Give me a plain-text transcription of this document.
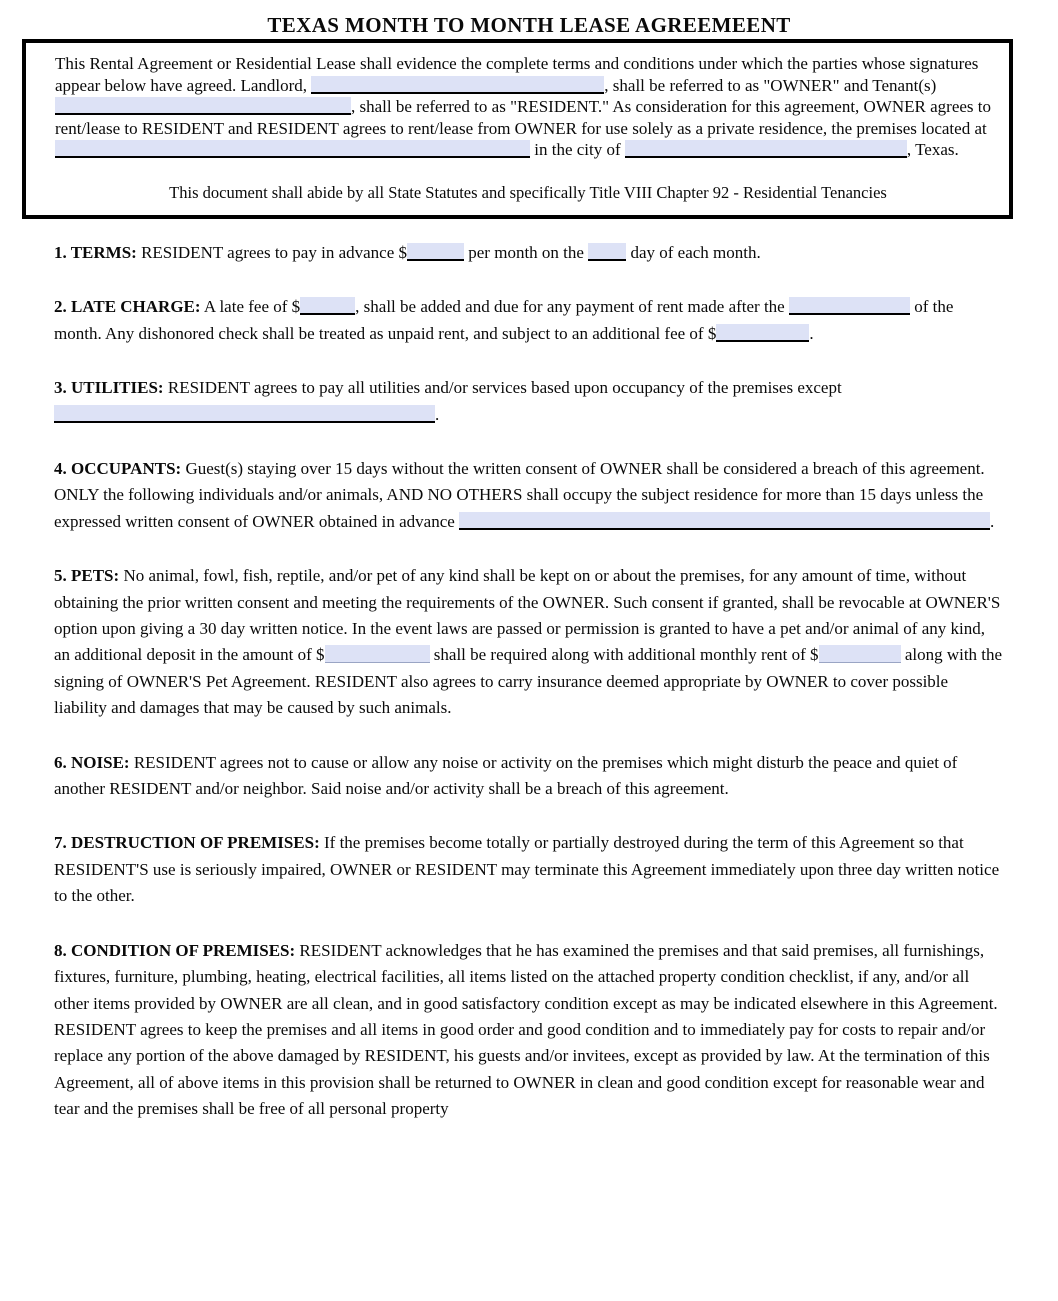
TEXAS MONTH TO MONTH LEASE AGREEMEENT

This Rental Agreement or Residential Lease shall evidence the complete terms and conditions under which the parties whose signatures appear below have agreed. Landlord,	, shall be referred to as "OWNER" and Tenant(s) , shall be referred to as "RESIDENT." As consideration for this agreement, OWNER agrees to rent/lease to RESIDENT and RESIDENT agrees to rent/lease from OWNER for use solely as a private residence, the premises located at  in the city of	, Texas.

This document shall abide by all State Statutes and specifically Title VIII Chapter 92 - Residential Tenancies

1. TERMS: RESIDENT agrees to pay in advance $	per month on the  day of each month.

2. LATE CHARGE: A late fee of $	, shall be added and due for any payment of rent made after the	of the month. Any dishonored check shall be treated as unpaid rent, and subject to an additional fee of $	.

3. UTILITIES: RESIDENT agrees to pay all utilities and/or services based upon occupancy of the premises except .

4. OCCUPANTS: Guest(s) staying over 15 days without the written consent of OWNER shall be considered a breach of this agreement. ONLY the following individuals and/or animals, AND NO OTHERS shall occupy the subject residence for more than 15 days unless the expressed written consent of OWNER obtained in advance	.

5. PETS: No animal, fowl, fish, reptile, and/or pet of any kind shall be kept on or about the premises, for any amount of time, without obtaining the prior written consent and meeting the requirements of the OWNER. Such consent if granted, shall be revocable at OWNER'S option upon giving a 30 day written notice. In the event laws are passed or permission is granted to have a pet and/or animal of any kind, an additional deposit in the amount of $	shall be required along with additional monthly rent of $	along with the signing of OWNER'S Pet Agreement. RESIDENT also agrees to carry insurance deemed appropriate by OWNER to cover possible liability and damages that may be caused by such animals.

6. NOISE: RESIDENT agrees not to cause or allow any noise or activity on the premises which might disturb the peace and quiet of another RESIDENT and/or neighbor. Said noise and/or activity shall be a breach of this agreement.

7. DESTRUCTION OF PREMISES: If the premises become totally or partially destroyed during the term of this Agreement so that RESIDENT'S use is seriously impaired, OWNER or RESIDENT may terminate this Agreement immediately upon three day written notice to the other.

8. CONDITION OF PREMISES: RESIDENT acknowledges that he has examined the premises and that said premises, all furnishings, fixtures, furniture, plumbing, heating, electrical facilities, all items listed on the attached property condition checklist, if any, and/or all other items provided by OWNER are all clean, and in good satisfactory condition except as may be indicated elsewhere in this Agreement. RESIDENT agrees to keep the premises and all items in good order and good condition and to immediately pay for costs to repair and/or replace any portion of the above damaged by RESIDENT, his guests and/or invitees, except as provided by law. At the termination of this Agreement, all of above items in this provision shall be returned to OWNER in clean and good condition except for reasonable wear and tear and the premises shall be free of all personal property
